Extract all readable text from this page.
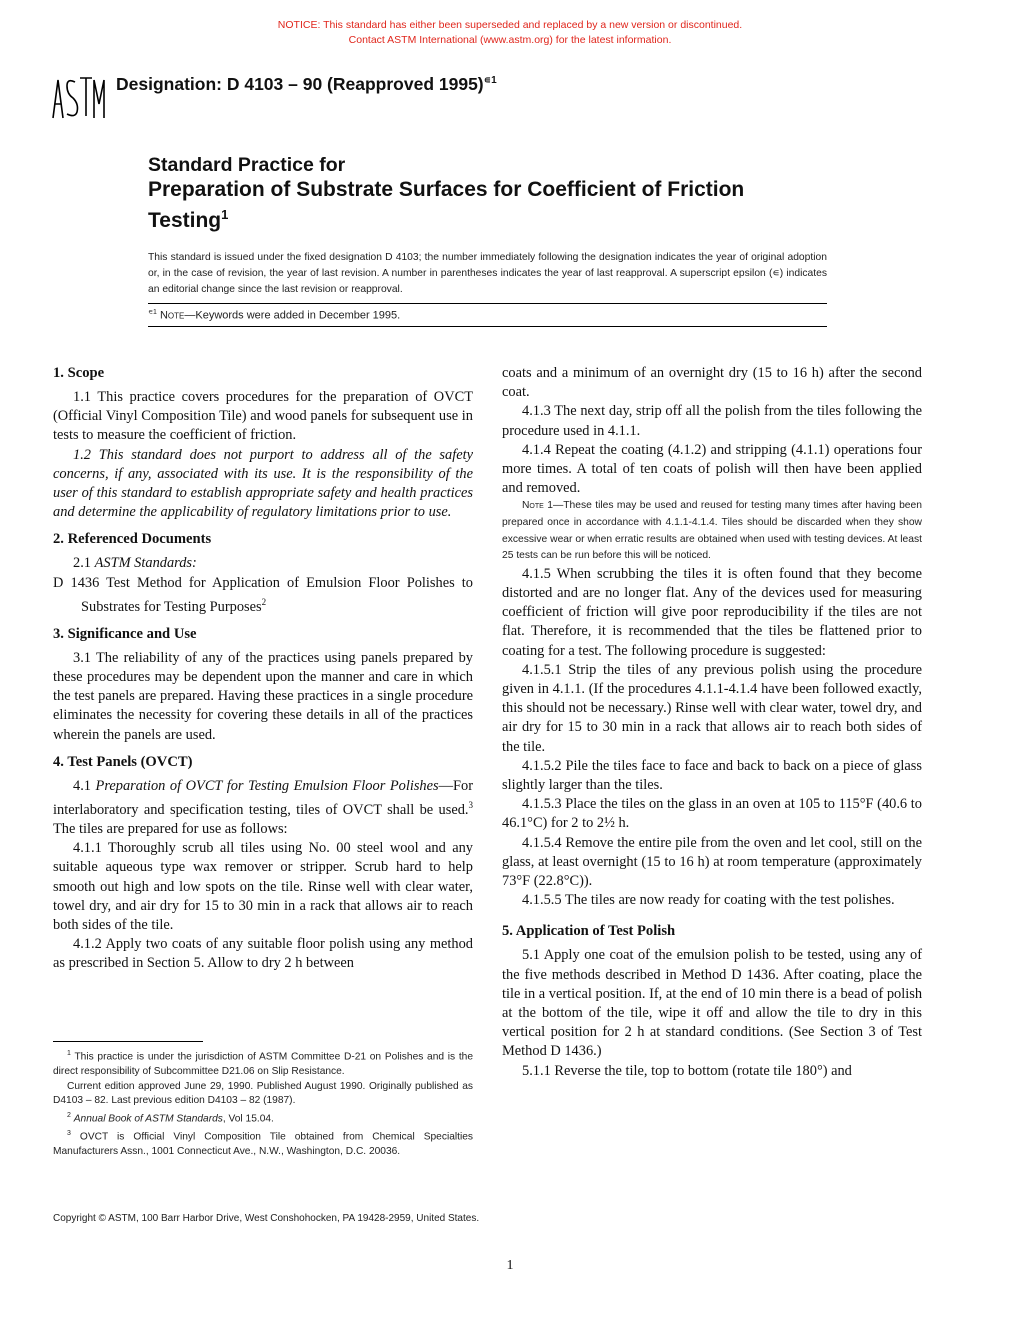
NOTICE: This standard has either been superseded and replaced by a new version or discontinued.
Contact ASTM International (www.astm.org) for the latest information.
Designation: D 4103 – 90 (Reapproved 1995)$^{∊1}$
Standard Practice for
Preparation of Substrate Surfaces for Coefficient of Friction
Testing$^1$
This standard is issued under the fixed designation D 4103; the number immediately following the designation indicates the year of original adoption or, in the case of revision, the year of last revision. A number in parentheses indicates the year of last reapproval. A superscript epsilon (∊) indicates an editorial change since the last revision or reapproval.
$^{∊1}$ Note—Keywords were added in December 1995.
1. Scope

1.1 This practice covers procedures for the preparation of OVCT (Official Vinyl Composition Tile) and wood panels for subsequent use in tests to measure the coefficient of friction.

1.2 This standard does not purport to address all of the safety concerns, if any, associated with its use. It is the responsibility of the user of this standard to establish appropriate safety and health practices and determine the applicability of regulatory limitations prior to use.

2. Referenced Documents

2.1 ASTM Standards:

D 1436 Test Method for Application of Emulsion Floor Polishes to Substrates for Testing Purposes$^2$

3. Significance and Use

3.1 The reliability of any of the practices using panels prepared by these procedures may be dependent upon the manner and care in which the test panels are prepared. Having these practices in a single procedure eliminates the necessity for covering these details in all of the practices wherein the panels are used.

4. Test Panels (OVCT)

4.1 Preparation of OVCT for Testing Emulsion Floor Polishes—For interlaboratory and specification testing, tiles of OVCT shall be used.$^3$ The tiles are prepared for use as follows:

4.1.1 Thoroughly scrub all tiles using No. 00 steel wool and any suitable aqueous type wax remover or stripper. Scrub hard to help smooth out high and low spots on the tile. Rinse well with clear water, towel dry, and air dry for 15 to 30 min in a rack that allows air to reach both sides of the tile.

4.1.2 Apply two coats of any suitable floor polish using any method as prescribed in Section 5. Allow to dry 2 h between

coats and a minimum of an overnight dry (15 to 16 h) after the second coat.

4.1.3 The next day, strip off all the polish from the tiles following the procedure used in 4.1.1.

4.1.4 Repeat the coating (4.1.2) and stripping (4.1.1) operations four more times. A total of ten coats of polish will then have been applied and removed.

Note 1—These tiles may be used and reused for testing many times after having been prepared once in accordance with 4.1.1-4.1.4. Tiles should be discarded when they show excessive wear or when erratic results are obtained when used with testing devices. At least 25 tests can be run before this will be noticed.

4.1.5 When scrubbing the tiles it is often found that they become distorted and are no longer flat. Any of the devices used for measuring coefficient of friction will give poor reproducibility if the tiles are not flat. Therefore, it is recommended that the tiles be flattened prior to coating for a test. The following procedure is suggested:

4.1.5.1 Strip the tiles of any previous polish using the procedure given in 4.1.1. (If the procedures 4.1.1-4.1.4 have been followed exactly, this should not be necessary.) Rinse well with clear water, towel dry, and air dry for 15 to 30 min in a rack that allows air to reach both sides of the tile.

4.1.5.2 Pile the tiles face to face and back to back on a piece of glass slightly larger than the tiles.

4.1.5.3 Place the tiles on the glass in an oven at 105 to 115°F (40.6 to 46.1°C) for 2 to 2½ h.

4.1.5.4 Remove the entire pile from the oven and let cool, still on the glass, at least overnight (15 to 16 h) at room temperature (approximately 73°F (22.8°C)).

4.1.5.5 The tiles are now ready for coating with the test polishes.

5. Application of Test Polish

5.1 Apply one coat of the emulsion polish to be tested, using any of the five methods described in Method D 1436. After coating, place the tile in a vertical position. If, at the end of 10 min there is a bead of polish at the bottom of the tile, wipe it off and allow the tile to dry in this vertical position for 2 h at standard conditions. (See Section 3 of Test Method D 1436.)

5.1.1 Reverse the tile, top to bottom (rotate tile 180°) and

$^1$ This practice is under the jurisdiction of ASTM Committee D-21 on Polishes and is the direct responsibility of Subcommittee D21.06 on Slip Resistance.

Current edition approved June 29, 1990. Published August 1990. Originally published as D4103 – 82. Last previous edition D4103 – 82 (1987).

$^2$ Annual Book of ASTM Standards, Vol 15.04.

$^3$ OVCT is Official Vinyl Composition Tile obtained from Chemical Specialties Manufacturers Assn., 1001 Connecticut Ave., N.W., Washington, D.C. 20036.

Copyright © ASTM, 100 Barr Harbor Drive, West Conshohocken, PA 19428-2959, United States.
1
